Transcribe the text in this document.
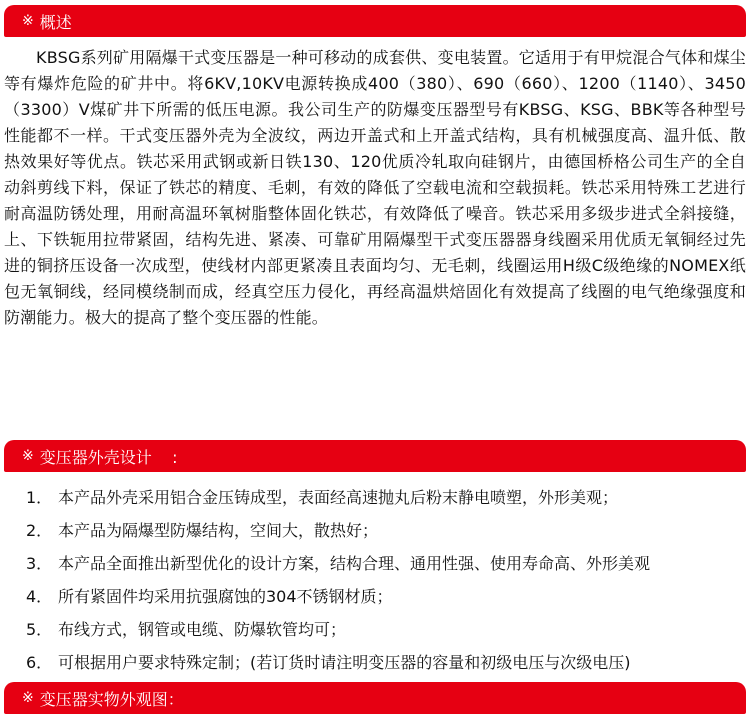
※ 概述

KBSG系列矿用隔爆干式变压器是一种可移动的成套供、变电装置。它适用于有甲烷混合气体和煤尘等有爆炸危险的矿井中。将6KV,10KV电源转换成400（380）、690（660）、1200（1140）、3450（3300）V煤矿井下所需的低压电源。我公司生产的防爆变压器型号有KBSG、KSG、BBK等各种型号性能都不一样。干式变压器外壳为全波纹，两边开盖式和上开盖式结构，具有机械强度高、温升低、散热效果好等优点。铁芯采用武钢或新日铁130、120优质冷轧取向硅钢片，由德国桥格公司生产的全自动斜剪线下料，保证了铁芯的精度、毛刺，有效的降低了空载电流和空载损耗。铁芯采用特殊工艺进行耐高温防锈处理，用耐高温环氧树脂整体固化铁芯，有效降低了噪音。铁芯采用多级步进式全斜接缝，上、下铁轭用拉带紧固，结构先进、紧凑、可靠矿用隔爆型干式变压器器身线圈采用优质无氧铜经过先进的铜挤压设备一次成型，使线材内部更紧凑且表面均匀、无毛刺，线圈运用H级C级绝缘的NOMEX纸包无氧铜线，经同模绕制而成，经真空压力侵化，再经高温烘焙固化有效提高了线圈的电气绝缘强度和防潮能力。极大的提高了整个变压器的性能。

※ 变压器外壳设计    :
1． 本产品外壳采用铝合金压铸成型，表面经高速抛丸后粉末静电喷塑，外形美观；
2． 本产品为隔爆型防爆结构，空间大，散热好；
3． 本产品全面推出新型优化的设计方案，结构合理、通用性强、使用寿命高、外形美观
4． 所有紧固件均采用抗强腐蚀的304不锈钢材质；
5． 布线方式，钢管或电缆、防爆软管均可；
6． 可根据用户要求特殊定制；(若订货时请注明变压器的容量和初级电压与次级电压)
※ 变压器实物外观图：
